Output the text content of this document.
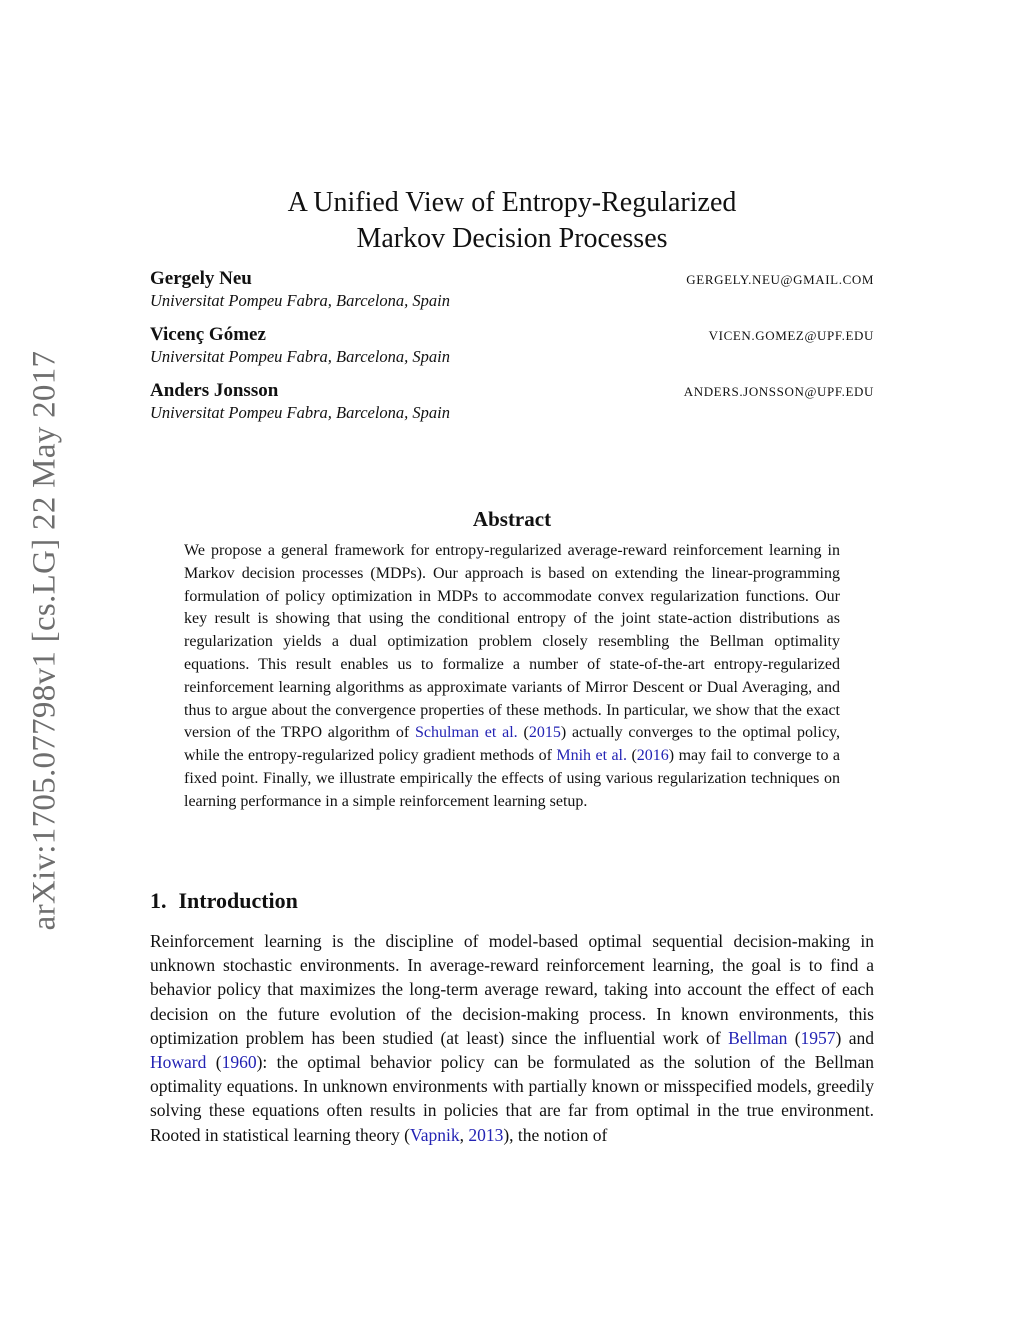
arXiv:1705.07798v1 [cs.LG] 22 May 2017
A Unified View of Entropy-Regularized
Markov Decision Processes
Gergely Neu	GERGELY.NEU@GMAIL.COM
Universitat Pompeu Fabra, Barcelona, Spain
Vicenç Gómez	VICEN.GOMEZ@UPF.EDU
Universitat Pompeu Fabra, Barcelona, Spain
Anders Jonsson	ANDERS.JONSSON@UPF.EDU
Universitat Pompeu Fabra, Barcelona, Spain
Abstract

We propose a general framework for entropy-regularized average-reward reinforcement learning in Markov decision processes (MDPs). Our approach is based on extending the linear-programming formulation of policy optimization in MDPs to accommodate convex regularization functions. Our key result is showing that using the conditional entropy of the joint state-action distributions as regularization yields a dual optimization problem closely resembling the Bellman optimality equations. This result enables us to formalize a number of state-of-the-art entropy-regularized reinforcement learning algorithms as approximate variants of Mirror Descent or Dual Averaging, and thus to argue about the convergence properties of these methods. In particular, we show that the exact version of the TRPO algorithm of Schulman et al. (2015) actually converges to the optimal policy, while the entropy-regularized policy gradient methods of Mnih et al. (2016) may fail to converge to a fixed point. Finally, we illustrate empirically the effects of using various regularization techniques on learning performance in a simple reinforcement learning setup.

1. Introduction

Reinforcement learning is the discipline of model-based optimal sequential decision-making in unknown stochastic environments. In average-reward reinforcement learning, the goal is to find a behavior policy that maximizes the long-term average reward, taking into account the effect of each decision on the future evolution of the decision-making process. In known environments, this optimization problem has been studied (at least) since the influential work of Bellman (1957) and Howard (1960): the optimal behavior policy can be formulated as the solution of the Bellman optimality equations. In unknown environments with partially known or misspecified models, greedily solving these equations often results in policies that are far from optimal in the true environment. Rooted in statistical learning theory (Vapnik, 2013), the notion of
